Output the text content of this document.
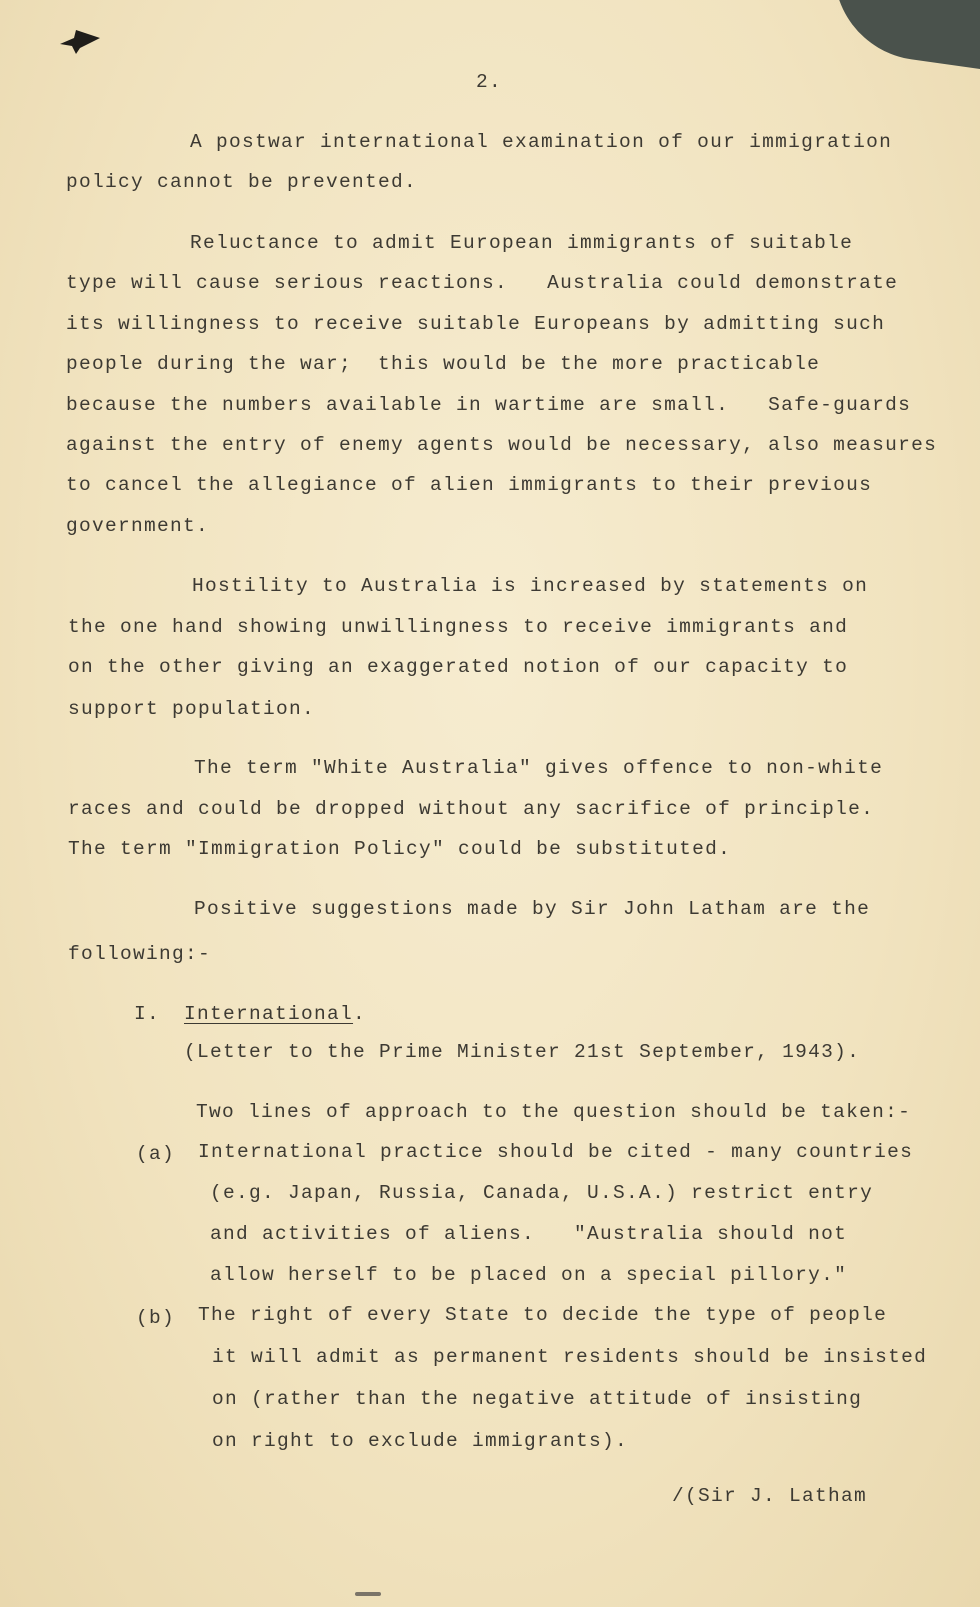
2.
A postwar international examination of our immigration
policy cannot be prevented.
Reluctance to admit European immigrants of suitable
type will cause serious reactions.   Australia could demonstrate
its willingness to receive suitable Europeans by admitting such
people during the war;  this would be the more practicable
because the numbers available in wartime are small.   Safe-guards
against the entry of enemy agents would be necessary, also measures
to cancel the allegiance of alien immigrants to their previous
government.
Hostility to Australia is increased by statements on
the one hand showing unwillingness to receive immigrants and
on the other giving an exaggerated notion of our capacity to
support population.
The term "White Australia" gives offence to non-white
races and could be dropped without any sacrifice of principle.
The term "Immigration Policy" could be substituted.
Positive suggestions made by Sir John Latham are the
following:-
I. International.
(Letter to the Prime Minister 21st September, 1943).
Two lines of approach to the question should be taken:-
(a) International practice should be cited - many countries
(e.g. Japan, Russia, Canada, U.S.A.) restrict entry
and activities of aliens.   "Australia should not
allow herself to be placed on a special pillory."
(b) The right of every State to decide the type of people
it will admit as permanent residents should be insisted
on (rather than the negative attitude of insisting
on right to exclude immigrants).
/(Sir J. Latham
